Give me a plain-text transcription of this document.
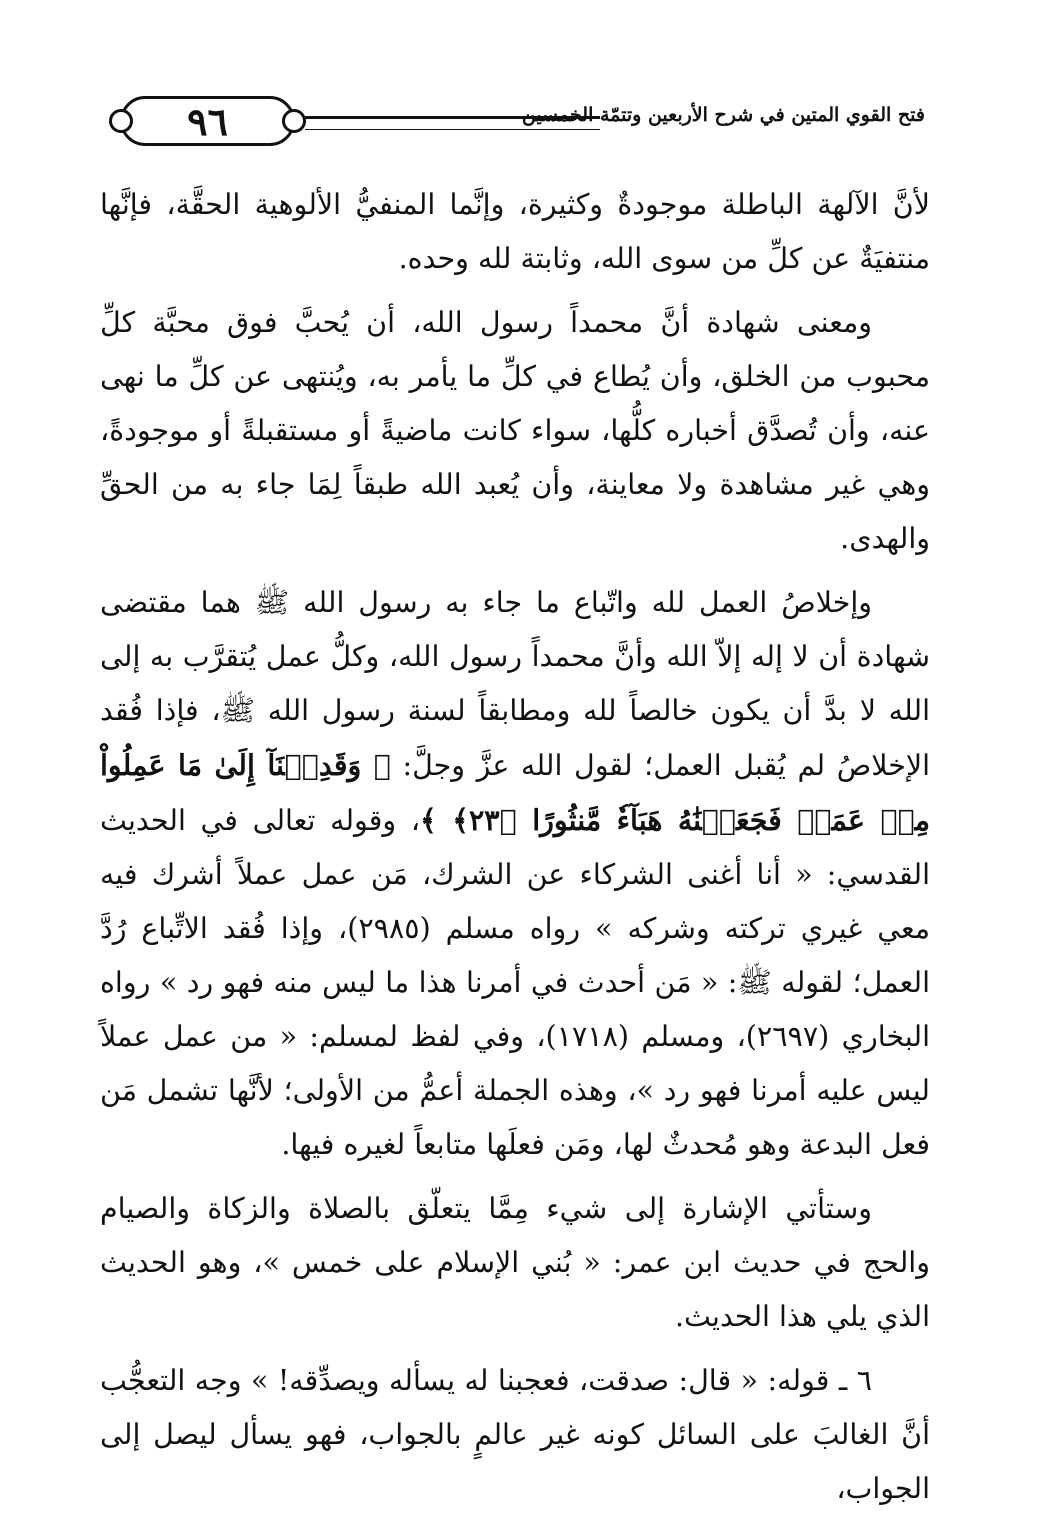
٩٦	فتح القوي المتين في شرح الأربعين وتتمّة الخمسين

لأنَّ الآلهة الباطلة موجودةٌ وكثيرة، وإنَّما المنفيُّ الألوهية الحقَّة، فإنَّها منتفيَةٌ عن كلِّ من سوى الله، وثابتة لله وحده.

ومعنى شهادة أنَّ محمداً رسول الله، أن يُحبَّ فوق محبَّة كلِّ محبوب من الخلق، وأن يُطاع في كلِّ ما يأمر به، ويُنتهى عن كلِّ ما نهى عنه، وأن تُصدَّق أخباره كلُّها، سواء كانت ماضيةً أو مستقبلةً أو موجودةً، وهي غير مشاهدة ولا معاينة، وأن يُعبد الله طبقاً لِمَا جاء به من الحقِّ والهدى.

وإخلاصُ العمل لله واتّباع ما جاء به رسول الله ﷺ هما مقتضى شهادة أن لا إله إلاّ الله وأنَّ محمداً رسول الله، وكلُّ عمل يُتقرَّب به إلى الله لا بدَّ أن يكون خالصاً لله ومطابقاً لسنة رسول الله ﷺ، فإذا فُقد الإخلاصُ لم يُقبل العمل؛ لقول الله عزَّ وجلَّ: ﴿ وَقَدِمۡنَآ إِلَىٰ مَا عَمِلُواْ مِنۡ عَمَلٖ فَجَعَلۡنَٰهُ هَبَآءٗ مَّنثُورًا ﴿٢٣﴾ ﴾، وقوله تعالى في الحديث القدسي: « أنا أغنى الشركاء عن الشرك، مَن عمل عملاً أشرك فيه معي غيري تركته وشركه » رواه مسلم (٢٩٨٥)، وإذا فُقد الاتِّباع رُدَّ العمل؛ لقوله ﷺ: « مَن أحدث في أمرنا هذا ما ليس منه فهو رد » رواه البخاري (٢٦٩٧)، ومسلم (١٧١٨)، وفي لفظ لمسلم: « من عمل عملاً ليس عليه أمرنا فهو رد »، وهذه الجملة أعمُّ من الأولى؛ لأنَّها تشمل مَن فعل البدعة وهو مُحدثٌ لها، ومَن فعلَها متابعاً لغيره فيها.

وستأتي الإشارة إلى شيء مِمَّا يتعلّق بالصلاة والزكاة والصيام والحج في حديث ابن عمر: « بُني الإسلام على خمس »، وهو الحديث الذي يلي هذا الحديث.

٦ ـ قوله: « قال: صدقت، فعجبنا له يسأله ويصدِّقه! » وجه التعجُّب أنَّ الغالبَ على السائل كونه غير عالمٍ بالجواب، فهو يسأل ليصل إلى الجواب،
